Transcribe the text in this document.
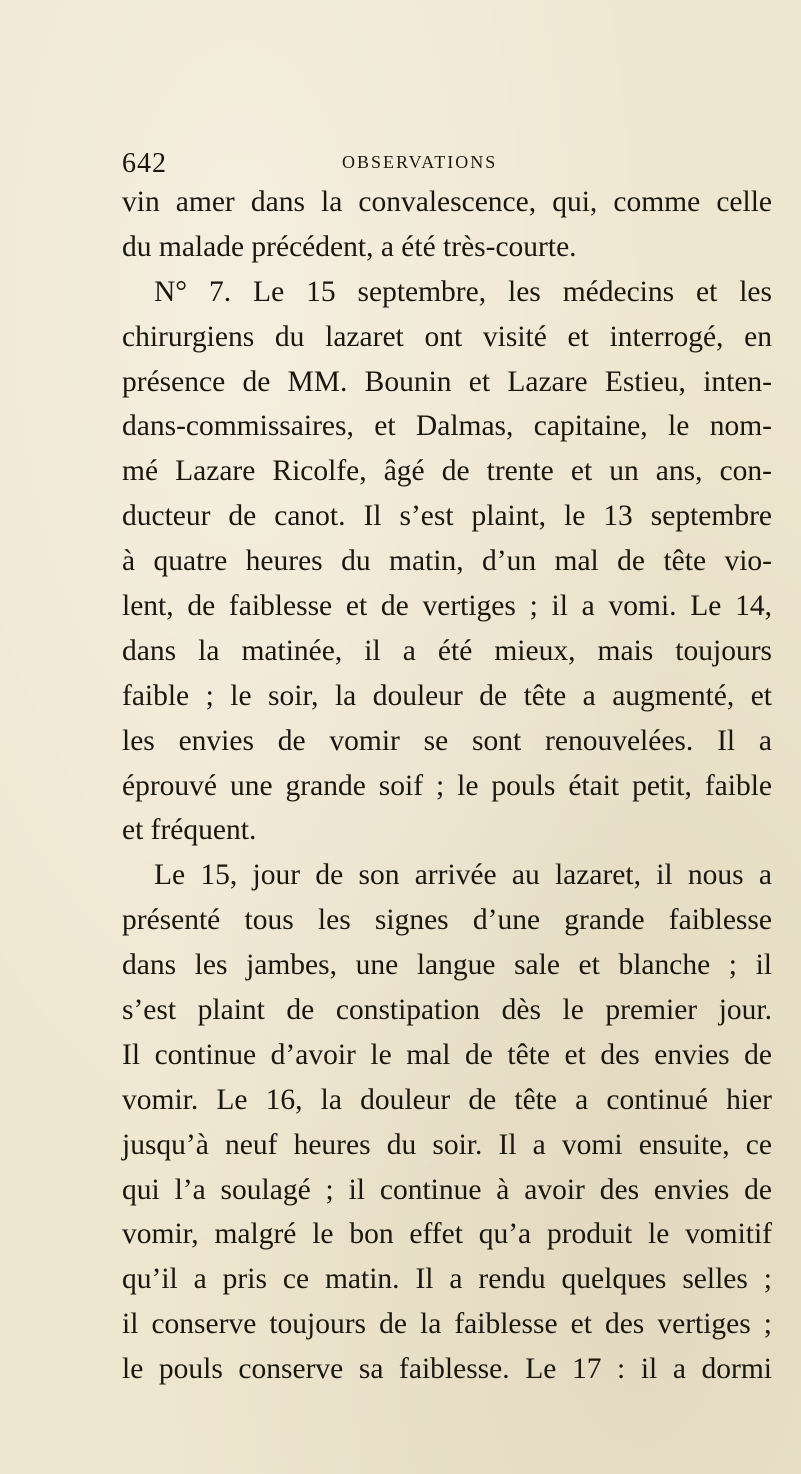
642	OBSERVATIONS
vin amer dans la convalescence, qui, comme celle
du malade précédent, a été très-courte.
N° 7. Le 15 septembre, les médecins et les
chirurgiens du lazaret ont visité et interrogé, en
présence de MM. Bounin et Lazare Estieu, inten-
dans-commissaires, et Dalmas, capitaine, le nom-
mé Lazare Ricolfe, âgé de trente et un ans, con-
ducteur de canot. Il s’est plaint, le 13 septembre
à quatre heures du matin, d’un mal de tête vio-
lent, de faiblesse et de vertiges ; il a vomi. Le 14,
dans la matinée, il a été mieux, mais toujours
faible ; le soir, la douleur de tête a augmenté, et
les envies de vomir se sont renouvelées. Il a
éprouvé une grande soif ; le pouls était petit, faible
et fréquent.
Le 15, jour de son arrivée au lazaret, il nous a
présenté tous les signes d’une grande faiblesse
dans les jambes, une langue sale et blanche ; il
s’est plaint de constipation dès le premier jour.
Il continue d’avoir le mal de tête et des envies de
vomir. Le 16, la douleur de tête a continué hier
jusqu’à neuf heures du soir. Il a vomi ensuite, ce
qui l’a soulagé ; il continue à avoir des envies de
vomir, malgré le bon effet qu’a produit le vomitif
qu’il a pris ce matin. Il a rendu quelques selles ;
il conserve toujours de la faiblesse et des vertiges ;
le pouls conserve sa faiblesse. Le 17 : il a dormi
